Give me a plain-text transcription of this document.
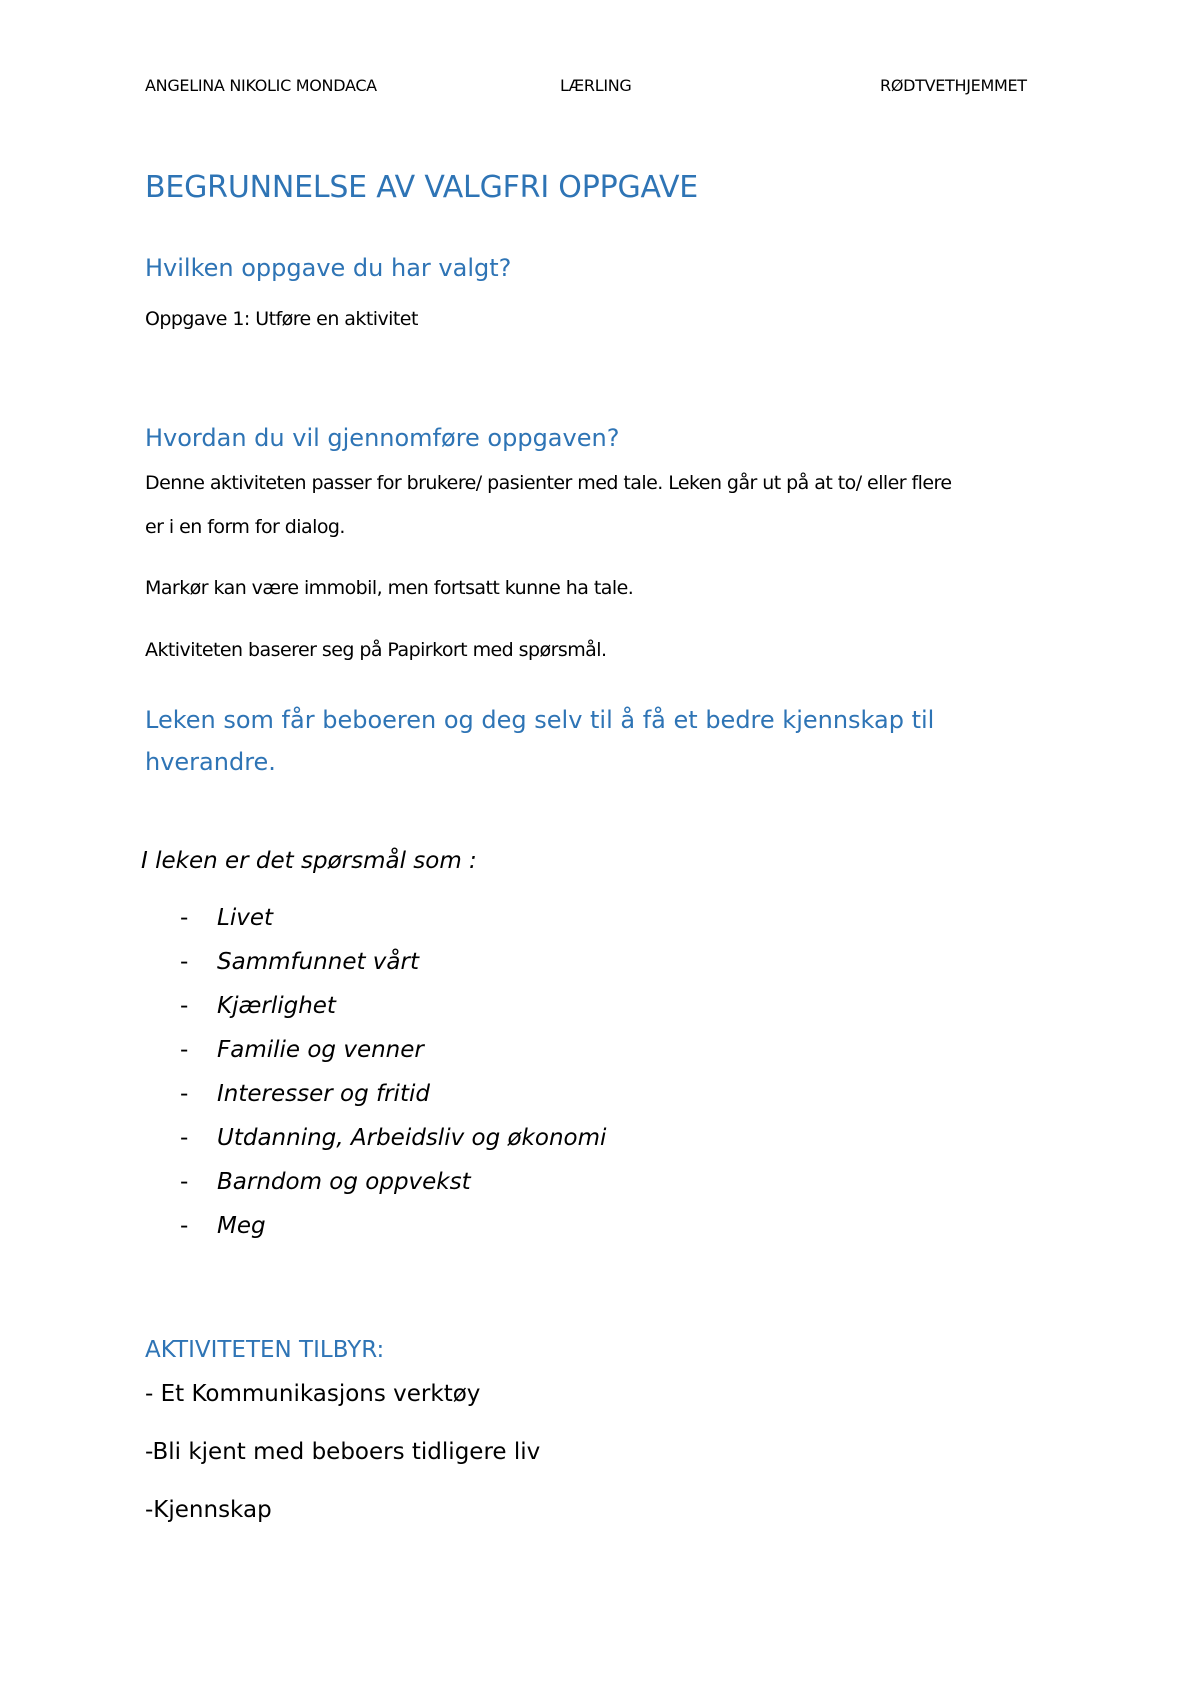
ANGELINA NIKOLIC MONDACA	LÆRLING	RØDTVETHJEMMET
BEGRUNNELSE AV VALGFRI OPPGAVE
Hvilken oppgave du har valgt?

Oppgave 1: Utføre en aktivitet

Hvordan du vil gjennomføre oppgaven?

Denne aktiviteten passer for brukere/ pasienter med tale. Leken går ut på at to/ eller flere

er i en form for dialog.

Markør kan være immobil, men fortsatt kunne ha tale.

Aktiviteten baserer seg på Papirkort med spørsmål.

Leken som får beboeren og deg selv til å få et bedre kjennskap til
hverandre.

I leken er det spørsmål som :

- Livet
- Sammfunnet vårt
- Kjærlighet
- Familie og venner
- Interesser og fritid
- Utdanning, Arbeidsliv og økonomi
- Barndom og oppvekst
- Meg
AKTIVITETEN TILBYR:
- Et Kommunikasjons verktøy
-Bli kjent med beboers tidligere liv
-Kjennskap
